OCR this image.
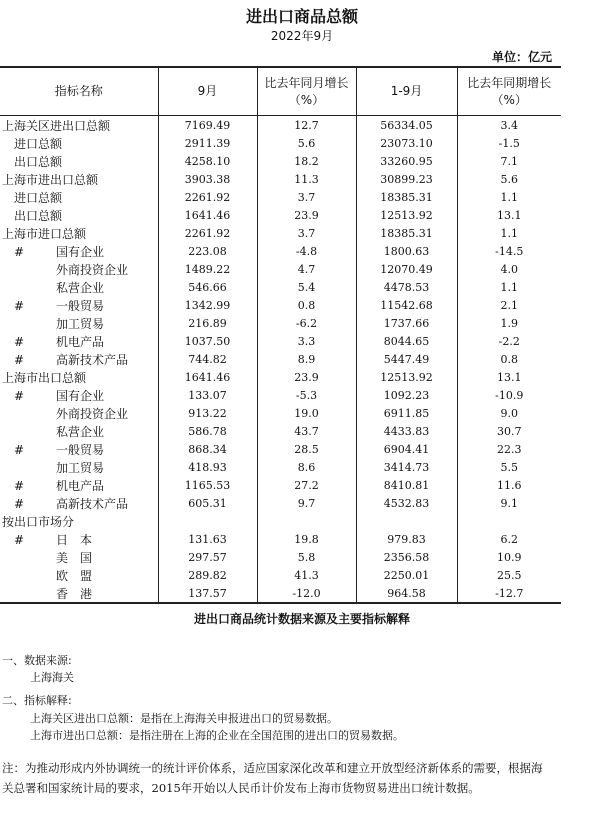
进出口商品总额
2022年9月
单位：亿元
指标名称	9月	比去年同月增长（%）	1-9月	比去年同期增长（%）
上海关区进出口总额	7169.49	12.7	56334.05	3.4
进口总额	2911.39	5.6	23073.10	-1.5
出口总额	4258.10	18.2	33260.95	7.1
上海市进出口总额	3903.38	11.3	30899.23	5.6
进口总额	2261.92	3.7	18385.31	1.1
出口总额	1641.46	23.9	12513.92	13.1
上海市进口总额	2261.92	3.7	18385.31	1.1
# 国有企业	223.08	-4.8	1800.63	-14.5
外商投资企业	1489.22	4.7	12070.49	4.0
私营企业	546.66	5.4	4478.53	1.1
# 一般贸易	1342.99	0.8	11542.68	2.1
加工贸易	216.89	-6.2	1737.66	1.9
# 机电产品	1037.50	3.3	8044.65	-2.2
# 高新技术产品	744.82	8.9	5447.49	0.8
上海市出口总额	1641.46	23.9	12513.92	13.1
# 国有企业	133.07	-5.3	1092.23	-10.9
外商投资企业	913.22	19.0	6911.85	9.0
私营企业	586.78	43.7	4433.83	30.7
# 一般贸易	868.34	28.5	6904.41	22.3
加工贸易	418.93	8.6	3414.73	5.5
# 机电产品	1165.53	27.2	8410.81	11.6
# 高新技术产品	605.31	9.7	4532.83	9.1
按出口市场分				
# 日　本	131.63	19.8	979.83	6.2
美　国	297.57	5.8	2356.58	10.9
欧　盟	289.82	41.3	2250.01	25.5
香　港	137.57	-12.0	964.58	-12.7
进出口商品统计数据来源及主要指标解释
一、数据来源:
上海海关
二、指标解释:
上海关区进出口总额：是指在上海海关申报进出口的贸易数据。
上海市进出口总额：是指注册在上海的企业在全国范围的进出口的贸易数据。
注：为推动形成内外协调统一的统计评价体系，适应国家深化改革和建立开放型经济新体系的需要，根据海关总署和国家统计局的要求，2015年开始以人民币计价发布上海市货物贸易进出口统计数据。
